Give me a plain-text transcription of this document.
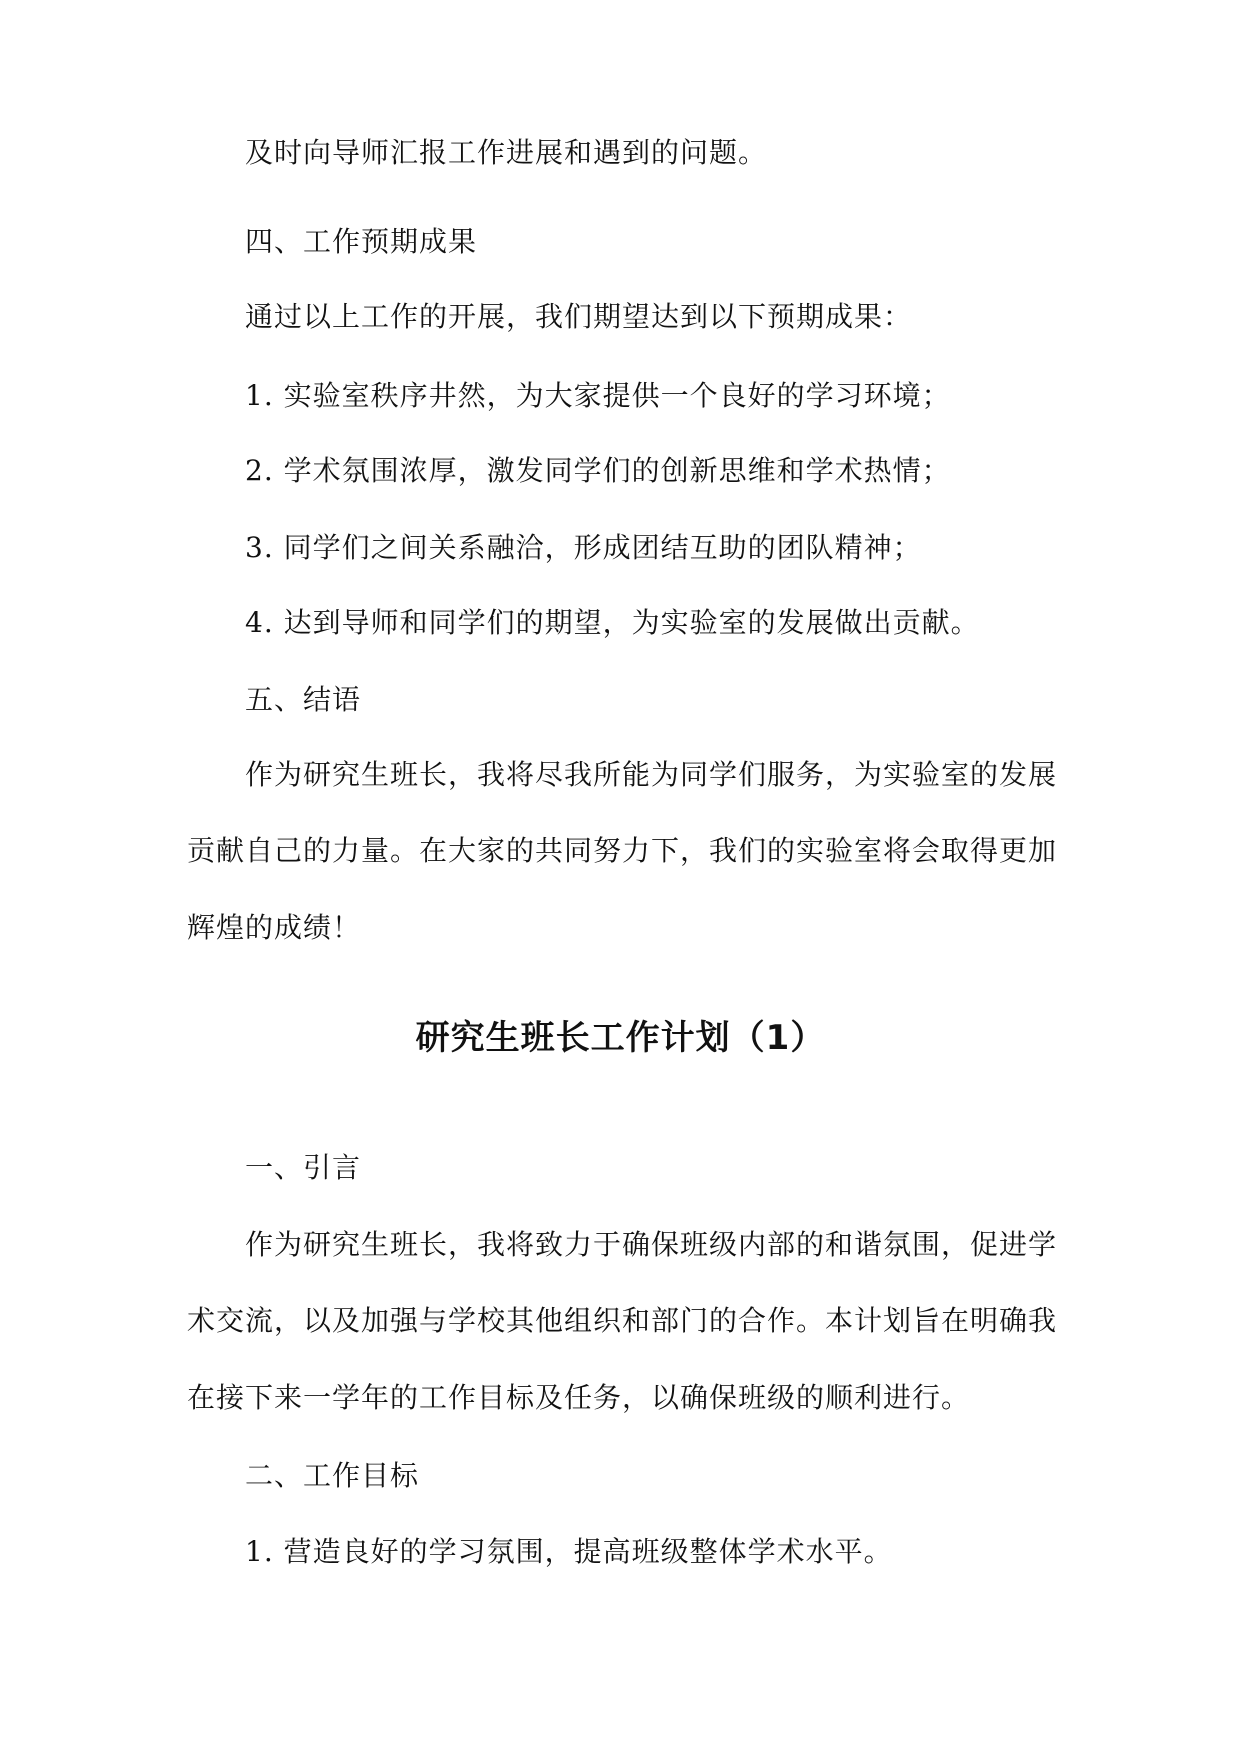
及时向导师汇报工作进展和遇到的问题。
四、工作预期成果
通过以上工作的开展，我们期望达到以下预期成果：
1. 实验室秩序井然，为大家提供一个良好的学习环境；
2. 学术氛围浓厚，激发同学们的创新思维和学术热情；
3. 同学们之间关系融洽，形成团结互助的团队精神；
4. 达到导师和同学们的期望，为实验室的发展做出贡献。
五、结语
作为研究生班长，我将尽我所能为同学们服务，为实验室的发展
贡献自己的力量。在大家的共同努力下，我们的实验室将会取得更加
辉煌的成绩！
研究生班长工作计划（1）
一、引言
作为研究生班长，我将致力于确保班级内部的和谐氛围，促进学
术交流，以及加强与学校其他组织和部门的合作。本计划旨在明确我
在接下来一学年的工作目标及任务，以确保班级的顺利进行。
二、工作目标
1. 营造良好的学习氛围，提高班级整体学术水平。
